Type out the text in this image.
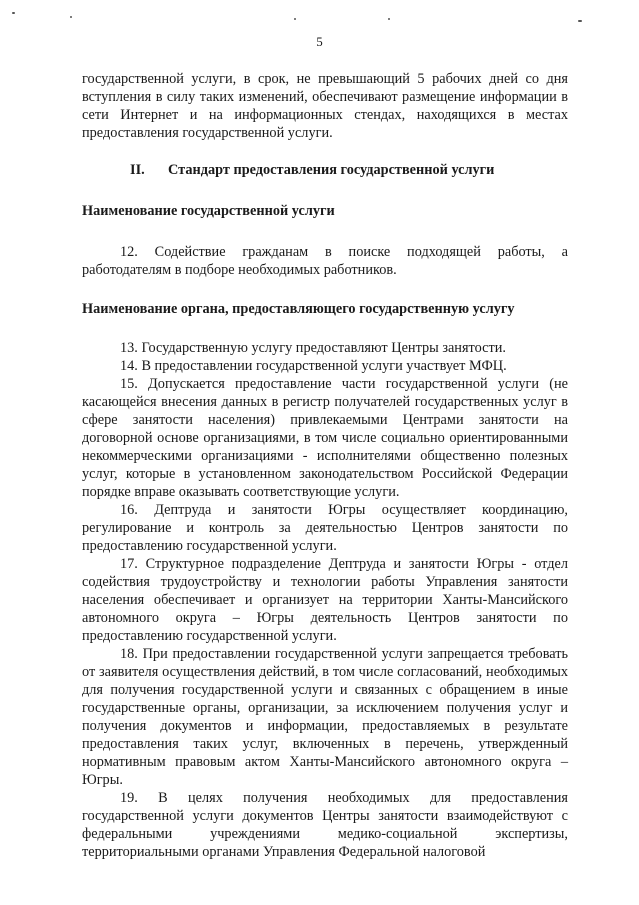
5

государственной услуги, в срок, не превышающий 5 рабочих дней со дня вступления в силу таких изменений, обеспечивают размещение информации в сети Интернет и на информационных стендах, находящихся в местах предоставления государственной услуги.

II. Стандарт предоставления государственной услуги

Наименование государственной услуги

12. Содействие гражданам в поиске подходящей работы, а работодателям в подборе необходимых работников.

Наименование органа, предоставляющего государственную услугу

13. Государственную услугу предоставляют Центры занятости.

14. В предоставлении государственной услуги участвует МФЦ.

15. Допускается предоставление части государственной услуги (не касающейся внесения данных в регистр получателей государственных услуг в сфере занятости населения) привлекаемыми Центрами занятости на договорной основе организациями, в том числе социально ориентированными некоммерческими организациями - исполнителями общественно полезных услуг, которые в установленном законодательством Российской Федерации порядке вправе оказывать соответствующие услуги.

16. Дептруда и занятости Югры осуществляет координацию, регулирование и контроль за деятельностью Центров занятости по предоставлению государственной услуги.

17. Структурное подразделение Дептруда и занятости Югры - отдел содействия трудоустройству и технологии работы Управления занятости населения обеспечивает и организует на территории Ханты-Мансийского автономного округа – Югры деятельность Центров занятости по предоставлению государственной услуги.

18. При предоставлении государственной услуги запрещается требовать от заявителя осуществления действий, в том числе согласований, необходимых для получения государственной услуги и связанных с обращением в иные государственные органы, организации, за исключением получения услуг и получения документов и информации, предоставляемых в результате предоставления таких услуг, включенных в перечень, утвержденный нормативным правовым актом Ханты-Мансийского автономного округа – Югры.

19. В целях получения необходимых для предоставления государственной услуги документов Центры занятости взаимодействуют с федеральными учреждениями медико-социальной экспертизы, территориальными органами Управления Федеральной налоговой
